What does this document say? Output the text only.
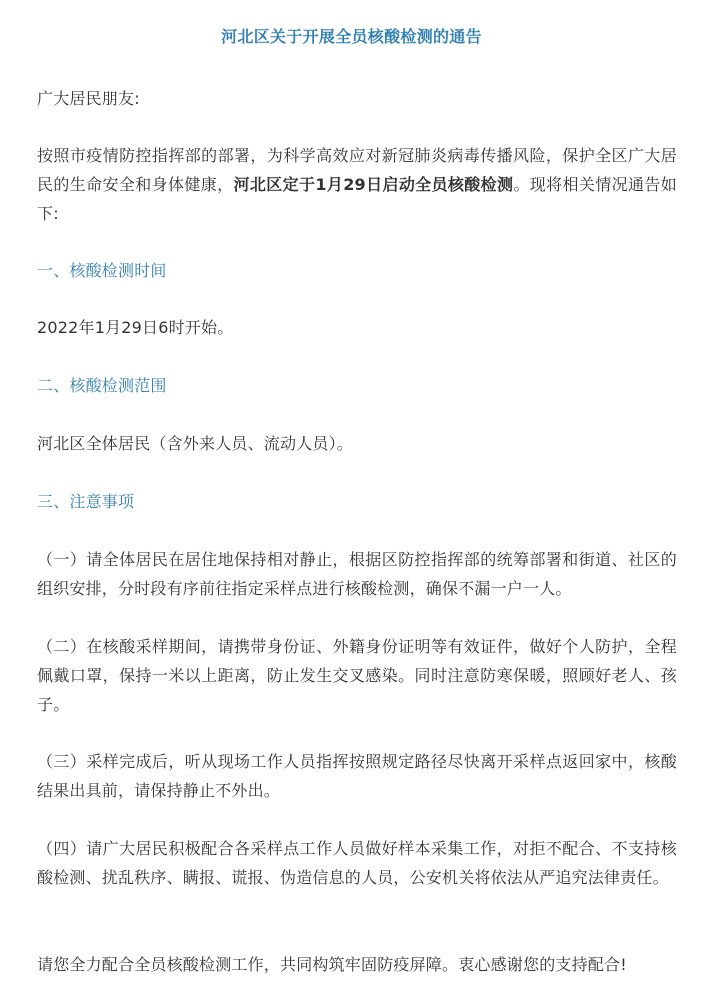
河北区关于开展全员核酸检测的通告
广大居民朋友:
按照市疫情防控指挥部的部署，为科学高效应对新冠肺炎病毒传播风险，保护全区广大居民的生命安全和身体健康，河北区定于1月29日启动全员核酸检测。现将相关情况通告如下:
一、核酸检测时间
2022年1月29日6时开始。
二、核酸检测范围
河北区全体居民（含外来人员、流动人员）。
三、注意事项
（一）请全体居民在居住地保持相对静止，根据区防控指挥部的统筹部署和街道、社区的组织安排，分时段有序前往指定采样点进行核酸检测，确保不漏一户一人。
（二）在核酸采样期间，请携带身份证、外籍身份证明等有效证件，做好个人防护，全程佩戴口罩，保持一米以上距离，防止发生交叉感染。同时注意防寒保暖，照顾好老人、孩子。
（三）采样完成后，听从现场工作人员指挥按照规定路径尽快离开采样点返回家中，核酸结果出具前，请保持静止不外出。
（四）请广大居民积极配合各采样点工作人员做好样本采集工作，对拒不配合、不支持核酸检测、扰乱秩序、瞒报、谎报、伪造信息的人员，公安机关将依法从严追究法律责任。
请您全力配合全员核酸检测工作，共同构筑牢固防疫屏障。衷心感谢您的支持配合!
